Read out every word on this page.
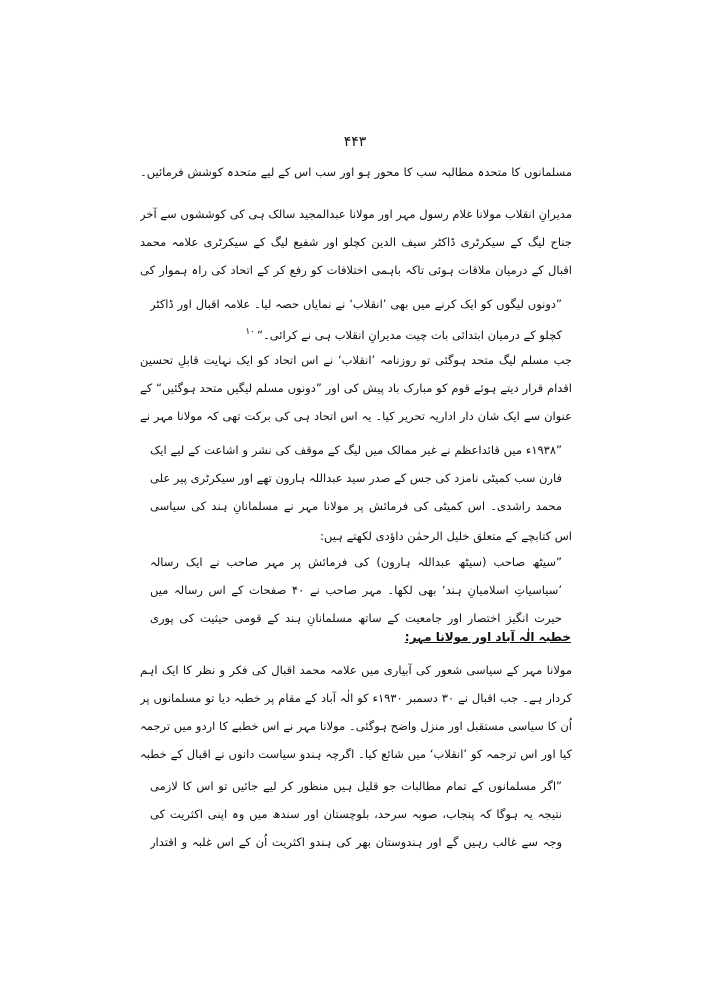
۴۴۳

مسلمانوں کا متحدہ مطالبہ سب کا محور ہو اور سب اس کے لیے متحدہ کوشش فرمائیں۔

مدیرانِ انقلاب مولانا غلام رسول مہر اور مولانا عبدالمجید سالک ہی کی کوششوں سے آخر جناح لیگ کے سیکرٹری ڈاکٹر سیف الدین کچلو اور شفیع لیگ کے سیکرٹری علامہ محمد اقبال کے درمیان ملاقات ہوئی تاکہ باہمی اختلافات کو رفع کر کے اتحاد کی راہ ہموار کی

”دونوں لیگوں کو ایک کرنے میں بھی ’انقلاب‘ نے نمایاں حصہ لیا۔ علامہ اقبال اور ڈاکٹر کچلو کے درمیان ابتدائی بات چیت مدیرانِ انقلاب ہی نے کرائی۔“$^{۱۰}$

جب مسلم لیگ متحد ہوگئی تو روزنامہ ’انقلاب‘ نے اس اتحاد کو ایک نہایت قابلِ تحسین اقدام قرار دیتے ہوئے قوم کو مبارک باد پیش کی اور ”دونوں مسلم لیگیں متحد ہوگئیں“ کے عنوان سے ایک شان دار اداریہ تحریر کیا۔ یہ اس اتحاد ہی کی برکت تھی کہ مولانا مہر نے

”۱۹۳۸ء میں قائداعظم نے غیر ممالک میں لیگ کے موقف کی نشر و اشاعت کے لیے ایک فارن سب کمیٹی نامزد کی جس کے صدر سید عبداللہ ہارون تھے اور سیکرٹری پیر علی محمد راشدی۔ اس کمیٹی کی فرمائش پر مولانا مہر نے مسلمانانِ ہند کی سیاسی

اس کتابچے کے متعلق خلیل الرحمٰن داؤدی لکھتے ہیں:

”سیٹھ صاحب (سیٹھ عبداللہ ہارون) کی فرمائش پر مہر صاحب نے ایک رسالہ ’سیاسیاتِ اسلامیانِ ہند‘ بھی لکھا۔ مہر صاحب نے ۴۰ صفحات کے اس رسالہ میں حیرت انگیز اختصار اور جامعیت کے ساتھ مسلمانانِ ہند کے قومی حیثیت کی پوری

خطبہ الٰہ آباد اور مولانا مہر:

مولانا مہر کے سیاسی شعور کی آبیاری میں علامہ محمد اقبال کی فکر و نظر کا ایک اہم کردار ہے۔ جب اقبال نے ۳۰ دسمبر ۱۹۳۰ء کو الٰہ آباد کے مقام پر خطبہ دیا تو مسلمانوں پر اُن کا سیاسی مستقبل اور منزل واضح ہوگئی۔ مولانا مہر نے اس خطبے کا اردو میں ترجمہ کیا اور اس ترجمہ کو ’انقلاب‘ میں شائع کیا۔ اگرچہ ہندو سیاست دانوں نے اقبال کے خطبہ

”اگر مسلمانوں کے تمام مطالبات جو قلیل ہیں منظور کر لیے جائیں تو اس کا لازمی نتیجہ یہ ہوگا کہ پنجاب، صوبہ سرحد، بلوچستان اور سندھ میں وہ اپنی اکثریت کی وجہ سے غالب رہیں گے اور ہندوستان بھر کی ہندو اکثریت اُن کے اس غلبہ و اقتدار
